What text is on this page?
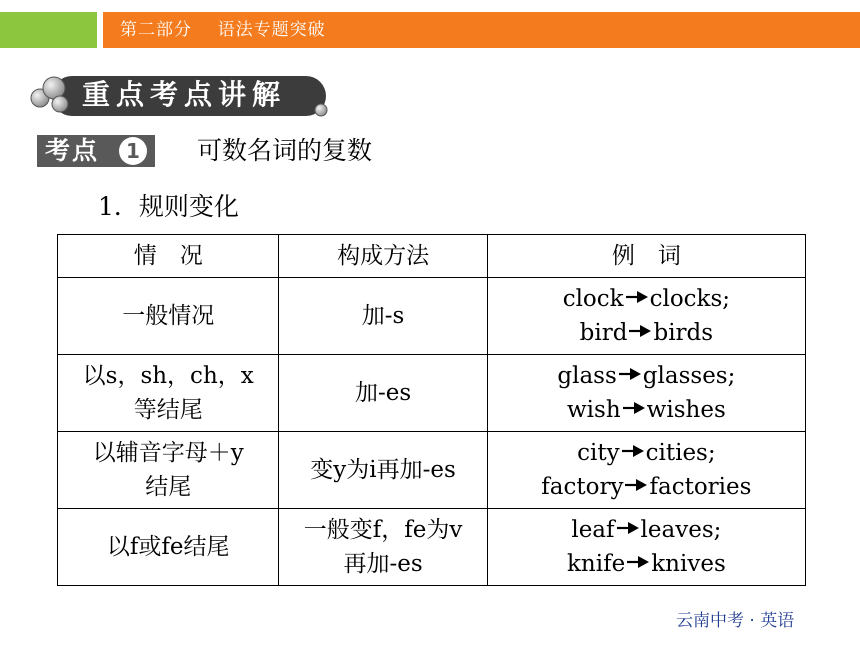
第二部分    语法专题突破
重点考点讲解
考点	1 可数名词的复数
1．规则变化
情　况	构成方法	例　词

一般情况	加-s	clock clocks;
bird birds

以s，sh，ch，x
等结尾	加-es	glass glasses;
wish wishes

以辅音字母＋y
结尾	变y为i再加-es	city cities;
factory factories

以f或fe结尾	一般变f，fe为v
再加-es	leaf leaves;
knife knives
云南中考 · 英语
